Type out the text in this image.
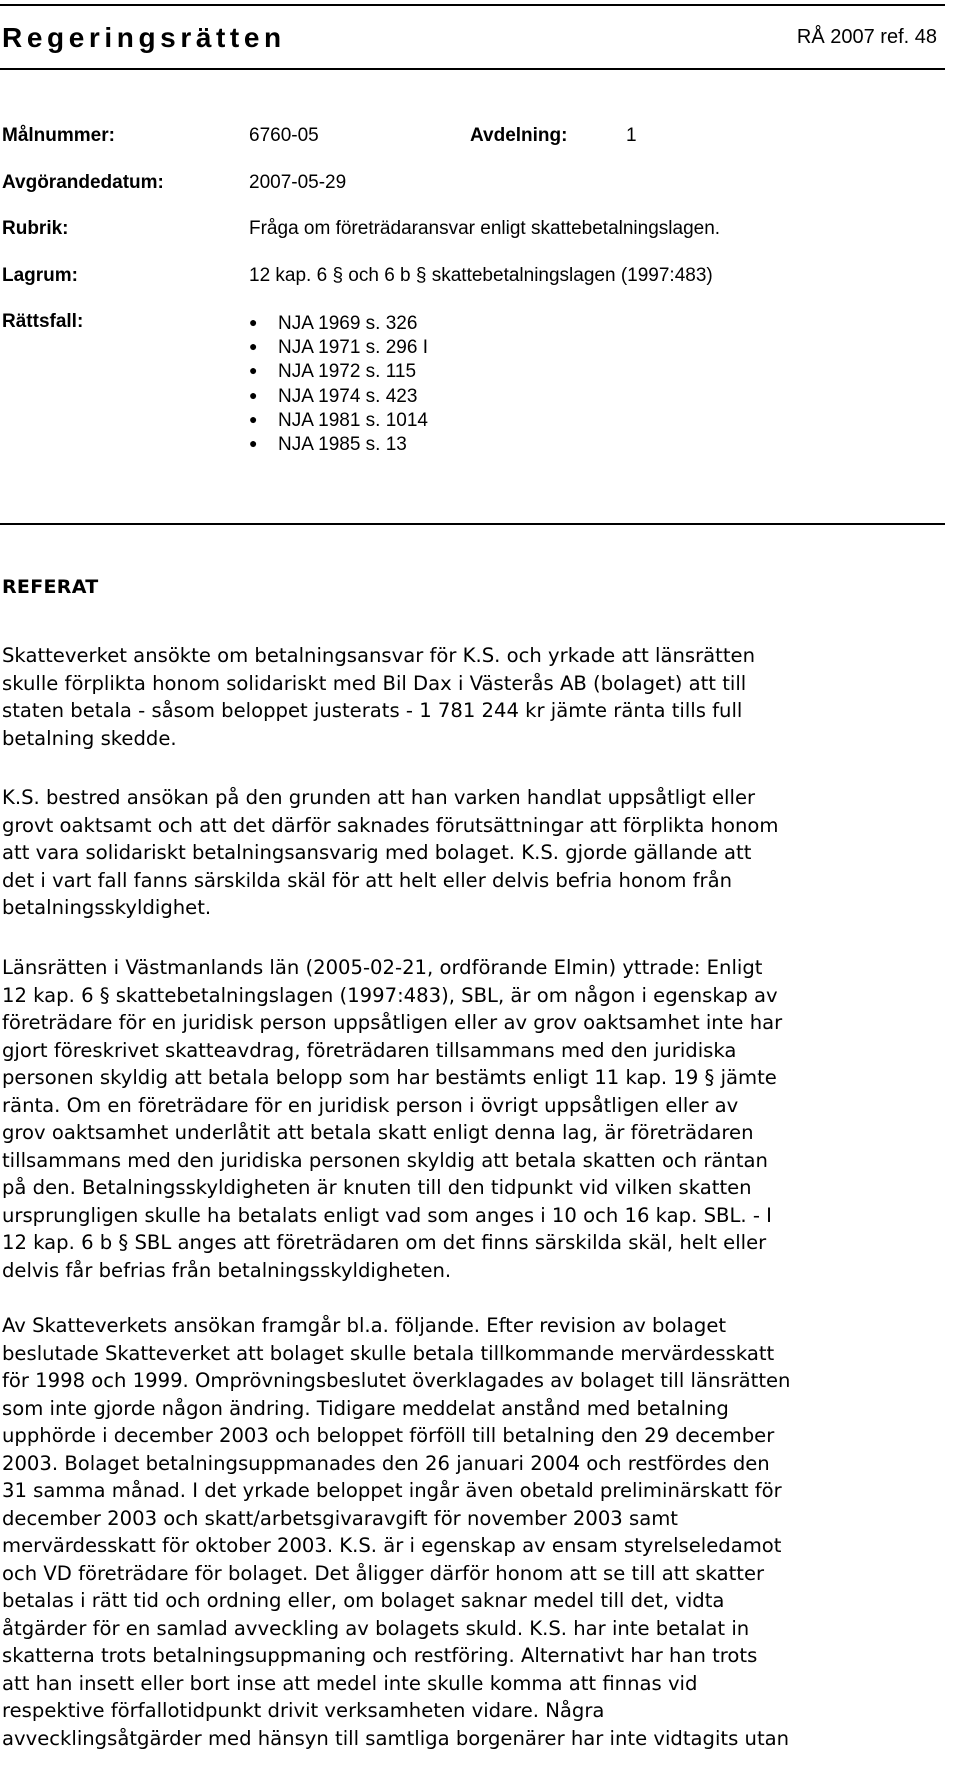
Regeringsrätten	RÅ 2007 ref. 48
Målnummer:	6760-05	Avdelning:	1
Avgörandedatum:	2007-05-29
Rubrik:	Fråga om företrädaransvar enligt skattebetalningslagen.
Lagrum:	12 kap. 6 § och 6 b § skattebetalningslagen (1997:483)
Rättsfall:	● NJA 1969 s. 326
● NJA 1971 s. 296 I
● NJA 1972 s. 115
● NJA 1974 s. 423
● NJA 1981 s. 1014
● NJA 1985 s. 13
REFERAT
Skatteverket ansökte om betalningsansvar för K.S. och yrkade att länsrätten
skulle förplikta honom solidariskt med Bil Dax i Västerås AB (bolaget) att till
staten betala - såsom beloppet justerats - 1 781 244 kr jämte ränta tills full
betalning skedde.
K.S. bestred ansökan på den grunden att han varken handlat uppsåtligt eller
grovt oaktsamt och att det därför saknades förutsättningar att förplikta honom
att vara solidariskt betalningsansvarig med bolaget. K.S. gjorde gällande att
det i vart fall fanns särskilda skäl för att helt eller delvis befria honom från
betalningsskyldighet.
Länsrätten i Västmanlands län (2005-02-21, ordförande Elmin) yttrade: Enligt
12 kap. 6 § skattebetalningslagen (1997:483), SBL, är om någon i egenskap av
företrädare för en juridisk person uppsåtligen eller av grov oaktsamhet inte har
gjort föreskrivet skatteavdrag, företrädaren tillsammans med den juridiska
personen skyldig att betala belopp som har bestämts enligt 11 kap. 19 § jämte
ränta. Om en företrädare för en juridisk person i övrigt uppsåtligen eller av
grov oaktsamhet underlåtit att betala skatt enligt denna lag, är företrädaren
tillsammans med den juridiska personen skyldig att betala skatten och räntan
på den. Betalningsskyldigheten är knuten till den tidpunkt vid vilken skatten
ursprungligen skulle ha betalats enligt vad som anges i 10 och 16 kap. SBL. - I
12 kap. 6 b § SBL anges att företrädaren om det finns särskilda skäl, helt eller
delvis får befrias från betalningsskyldigheten.
Av Skatteverkets ansökan framgår bl.a. följande. Efter revision av bolaget
beslutade Skatteverket att bolaget skulle betala tillkommande mervärdesskatt
för 1998 och 1999. Omprövningsbeslutet överklagades av bolaget till länsrätten
som inte gjorde någon ändring. Tidigare meddelat anstånd med betalning
upphörde i december 2003 och beloppet förföll till betalning den 29 december
2003. Bolaget betalningsuppmanades den 26 januari 2004 och restfördes den
31 samma månad. I det yrkade beloppet ingår även obetald preliminärskatt för
december 2003 och skatt/arbetsgivaravgift för november 2003 samt
mervärdesskatt för oktober 2003. K.S. är i egenskap av ensam styrelseledamot
och VD företrädare för bolaget. Det åligger därför honom att se till att skatter
betalas i rätt tid och ordning eller, om bolaget saknar medel till det, vidta
åtgärder för en samlad avveckling av bolagets skuld. K.S. har inte betalat in
skatterna trots betalningsuppmaning och restföring. Alternativt har han trots
att han insett eller bort inse att medel inte skulle komma att finnas vid
respektive förfallotidpunkt drivit verksamheten vidare. Några
avvecklingsåtgärder med hänsyn till samtliga borgenärer har inte vidtagits utan
